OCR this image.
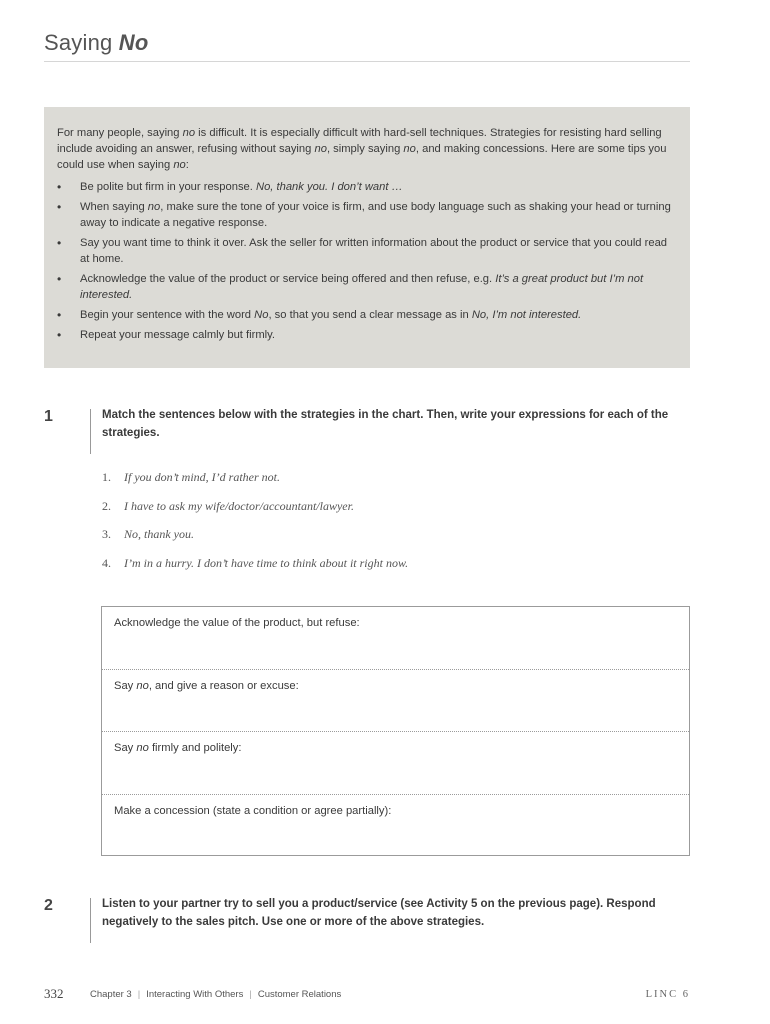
Saying No

For many people, saying no is difficult. It is especially difficult with hard-sell techniques. Strategies for resisting hard selling include avoiding an answer, refusing without saying no, simply saying no, and making concessions. Here are some tips you could use when saying no:

• Be polite but firm in your response. No, thank you. I don’t want …
• When saying no, make sure the tone of your voice is firm, and use body language such as shaking your head or turning away to indicate a negative response.
• Say you want time to think it over. Ask the seller for written information about the product or service that you could read at home.
• Acknowledge the value of the product or service being offered and then refuse, e.g. It’s a great product but I’m not interested.
• Begin your sentence with the word No, so that you send a clear message as in No, I’m not interested.
• Repeat your message calmly but firmly.
1	Match the sentences below with the strategies in the chart. Then, write your expressions for each of the strategies.

1. If you don’t mind, I’d rather not.
2. I have to ask my wife/doctor/accountant/lawyer.
3. No, thank you.
4. I’m in a hurry. I don’t have time to think about it right now.
Acknowledge the value of the product, but refuse:
Say no, and give a reason or excuse:
Say no firmly and politely:
Make a concession (state a condition or agree partially):
2	Listen to your partner try to sell you a product/service (see Activity 5 on the previous page). Respond negatively to the sales pitch. Use one or more of the above strategies.

332	Chapter 3 | Interacting With Others | Customer Relations	LINC 6
